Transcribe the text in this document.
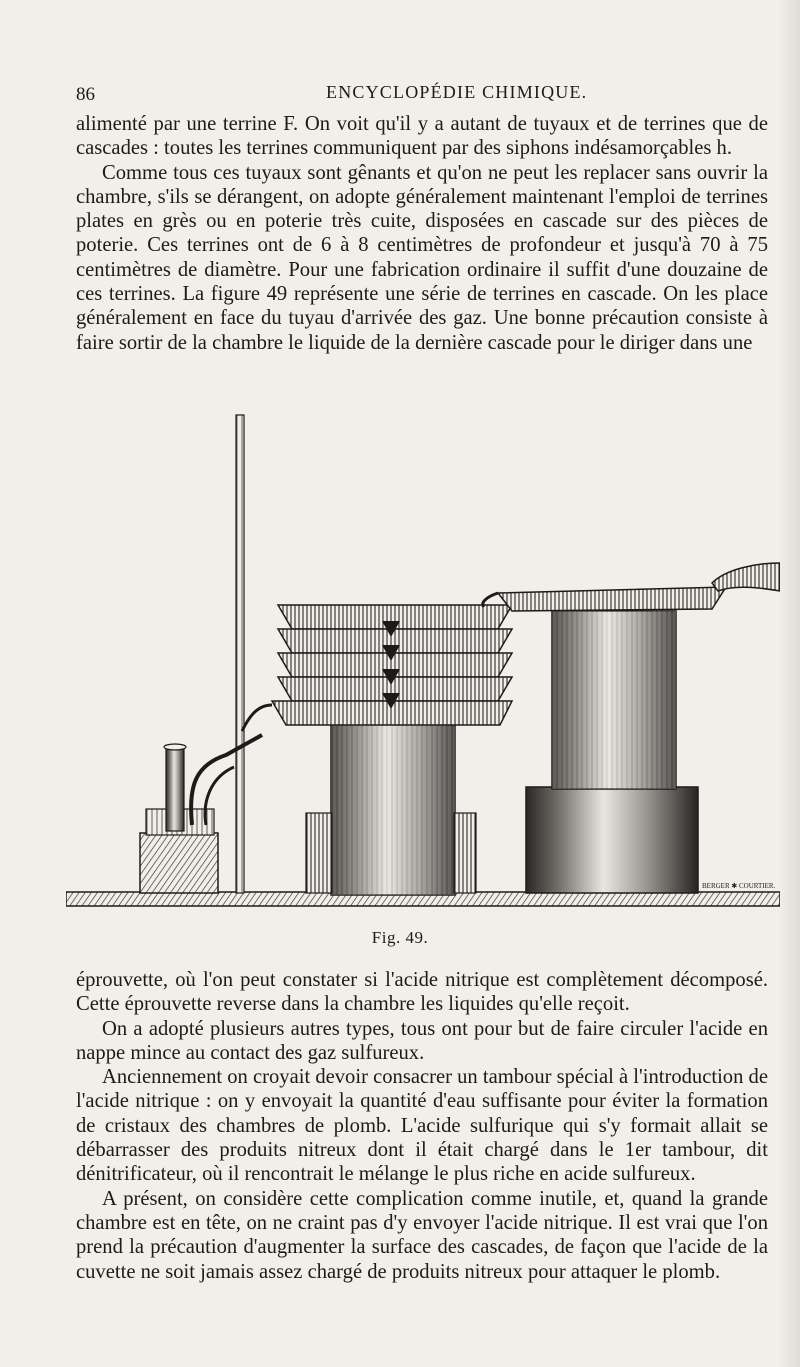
86	ENCYCLOPÉDIE CHIMIQUE.

alimenté par une terrine F. On voit qu'il y a autant de tuyaux et de terrines que de cascades : toutes les terrines communiquent par des siphons indésamorçables h.

Comme tous ces tuyaux sont gênants et qu'on ne peut les replacer sans ouvrir la chambre, s'ils se dérangent, on adopte généralement maintenant l'emploi de terrines plates en grès ou en poterie très cuite, disposées en cascade sur des pièces de poterie. Ces terrines ont de 6 à 8 centimètres de profondeur et jusqu'à 70 à 75 centimètres de diamètre. Pour une fabrication ordinaire il suffit d'une douzaine de ces terrines. La figure 49 représente une série de terrines en cascade. On les place généralement en face du tuyau d'arrivée des gaz. Une bonne précaution consiste à faire sortir de la chambre le liquide de la dernière cascade pour le diriger dans une

BERGER ✱ COURTIER.
Fig. 49.

éprouvette, où l'on peut constater si l'acide nitrique est complètement décomposé. Cette éprouvette reverse dans la chambre les liquides qu'elle reçoit.

On a adopté plusieurs autres types, tous ont pour but de faire circuler l'acide en nappe mince au contact des gaz sulfureux.

Anciennement on croyait devoir consacrer un tambour spécial à l'introduction de l'acide nitrique : on y envoyait la quantité d'eau suffisante pour éviter la formation de cristaux des chambres de plomb. L'acide sulfurique qui s'y formait allait se débarrasser des produits nitreux dont il était chargé dans le 1er tambour, dit dénitrificateur, où il rencontrait le mélange le plus riche en acide sulfureux.

A présent, on considère cette complication comme inutile, et, quand la grande chambre est en tête, on ne craint pas d'y envoyer l'acide nitrique. Il est vrai que l'on prend la précaution d'augmenter la surface des cascades, de façon que l'acide de la cuvette ne soit jamais assez chargé de produits nitreux pour attaquer le plomb.
